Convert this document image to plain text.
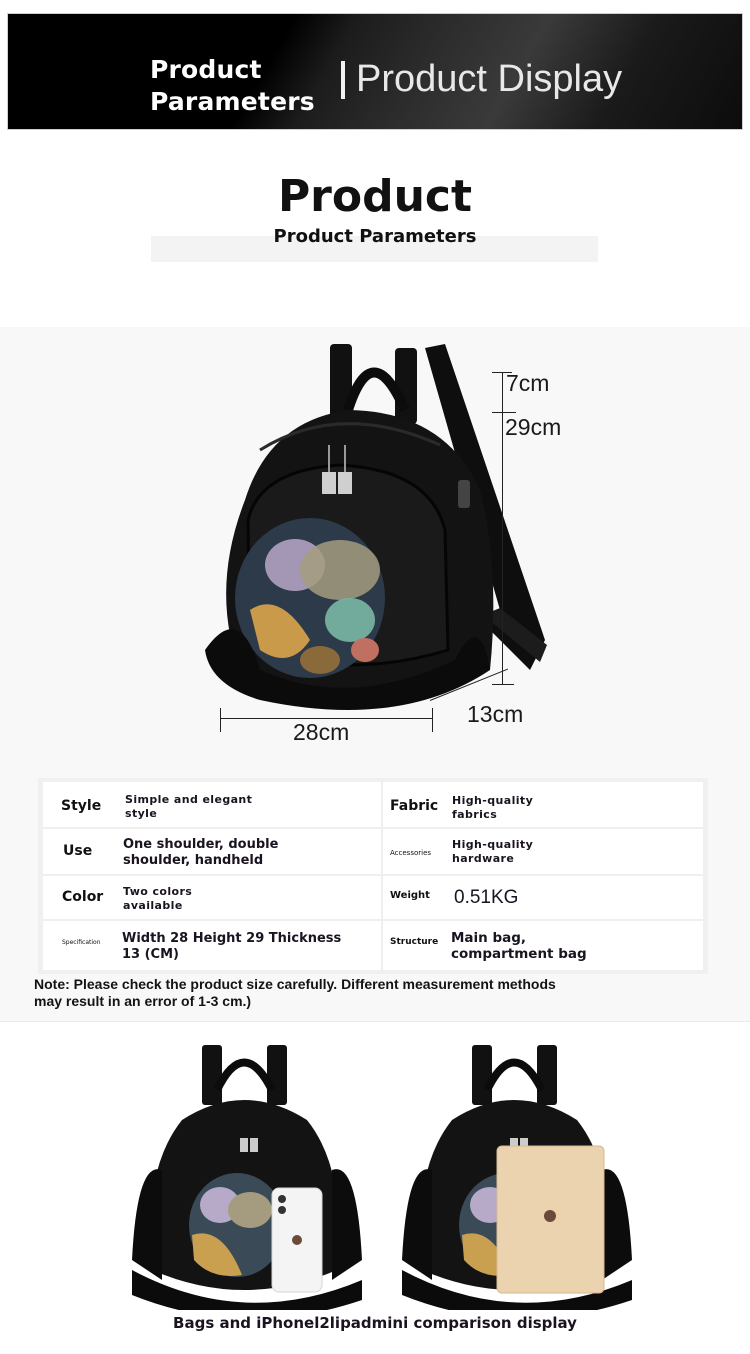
Product
Parameters
Product Display
Product
Product Parameters
7cm
29cm
28cm
13cm
Style Simple and elegant
style	Fabric High-quality
fabrics
Use One shoulder, double
shoulder, handheld	Accessories
High-quality
hardware
Color Two colors
available
Weight 0.51KG
Specification Width 28 Height 29 Thickness
13 (CM)
Structure Main bag,
compartment bag
Note: Please check the product size carefully. Different measurement methods
may result in an error of 1-3 cm.)
Bags and iPhonel2lipadmini comparison display
